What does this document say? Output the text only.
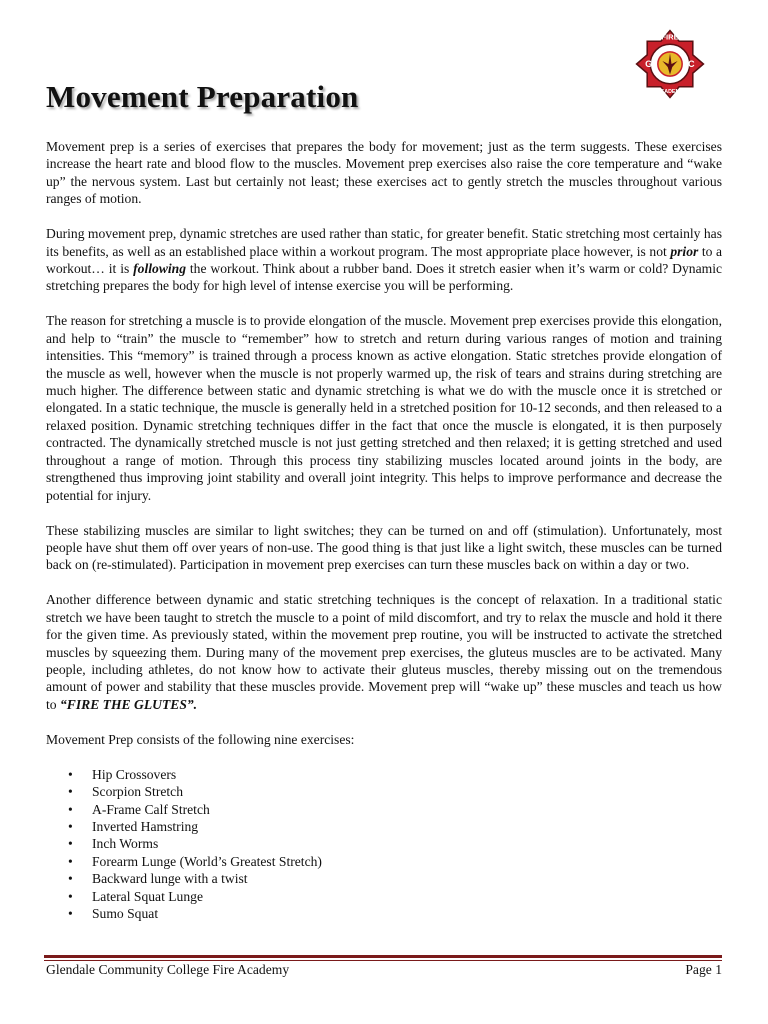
FIRE
G	C
ACADEMY
Movement Preparation

Movement prep is a series of exercises that prepares the body for movement; just as the term suggests. These exercises increase the heart rate and blood flow to the muscles. Movement prep exercises also raise the core temperature and “wake up” the nervous system. Last but certainly not least; these exercises act to gently stretch the muscles throughout various ranges of motion.

During movement prep, dynamic stretches are used rather than static, for greater benefit. Static stretching most certainly has its benefits, as well as an established place within a workout program. The most appropriate place however, is not prior to a workout… it is following the workout. Think about a rubber band. Does it stretch easier when it’s warm or cold? Dynamic stretching prepares the body for high level of intense exercise you will be performing.

The reason for stretching a muscle is to provide elongation of the muscle. Movement prep exercises provide this elongation, and help to “train” the muscle to “remember” how to stretch and return during various ranges of motion and training intensities. This “memory” is trained through a process known as active elongation. Static stretches provide elongation of the muscle as well, however when the muscle is not properly warmed up, the risk of tears and strains during stretching are much higher. The difference between static and dynamic stretching is what we do with the muscle once it is stretched or elongated. In a static technique, the muscle is generally held in a stretched position for 10-12 seconds, and then released to a relaxed position. Dynamic stretching techniques differ in the fact that once the muscle is elongated, it is then purposely contracted. The dynamically stretched muscle is not just getting stretched and then relaxed; it is getting stretched and used throughout a range of motion. Through this process tiny stabilizing muscles located around joints in the body, are strengthened thus improving joint stability and overall joint integrity. This helps to improve performance and decrease the potential for injury.

These stabilizing muscles are similar to light switches; they can be turned on and off (stimulation). Unfortunately, most people have shut them off over years of non-use. The good thing is that just like a light switch, these muscles can be turned back on (re-stimulated). Participation in movement prep exercises can turn these muscles back on within a day or two.

Another difference between dynamic and static stretching techniques is the concept of relaxation. In a traditional static stretch we have been taught to stretch the muscle to a point of mild discomfort, and try to relax the muscle and hold it there for the given time. As previously stated, within the movement prep routine, you will be instructed to activate the stretched muscles by squeezing them. During many of the movement prep exercises, the gluteus muscles are to be activated. Many people, including athletes, do not know how to activate their gluteus muscles, thereby missing out on the tremendous amount of power and stability that these muscles provide. Movement prep will “wake up” these muscles and teach us how to “FIRE THE GLUTES”.

Movement Prep consists of the following nine exercises:

• Hip Crossovers
• Scorpion Stretch
• A-Frame Calf Stretch
• Inverted Hamstring
• Inch Worms
• Forearm Lunge (World’s Greatest Stretch)
• Backward lunge with a twist
• Lateral Squat Lunge
• Sumo Squat
Glendale Community College Fire Academy	Page 1
